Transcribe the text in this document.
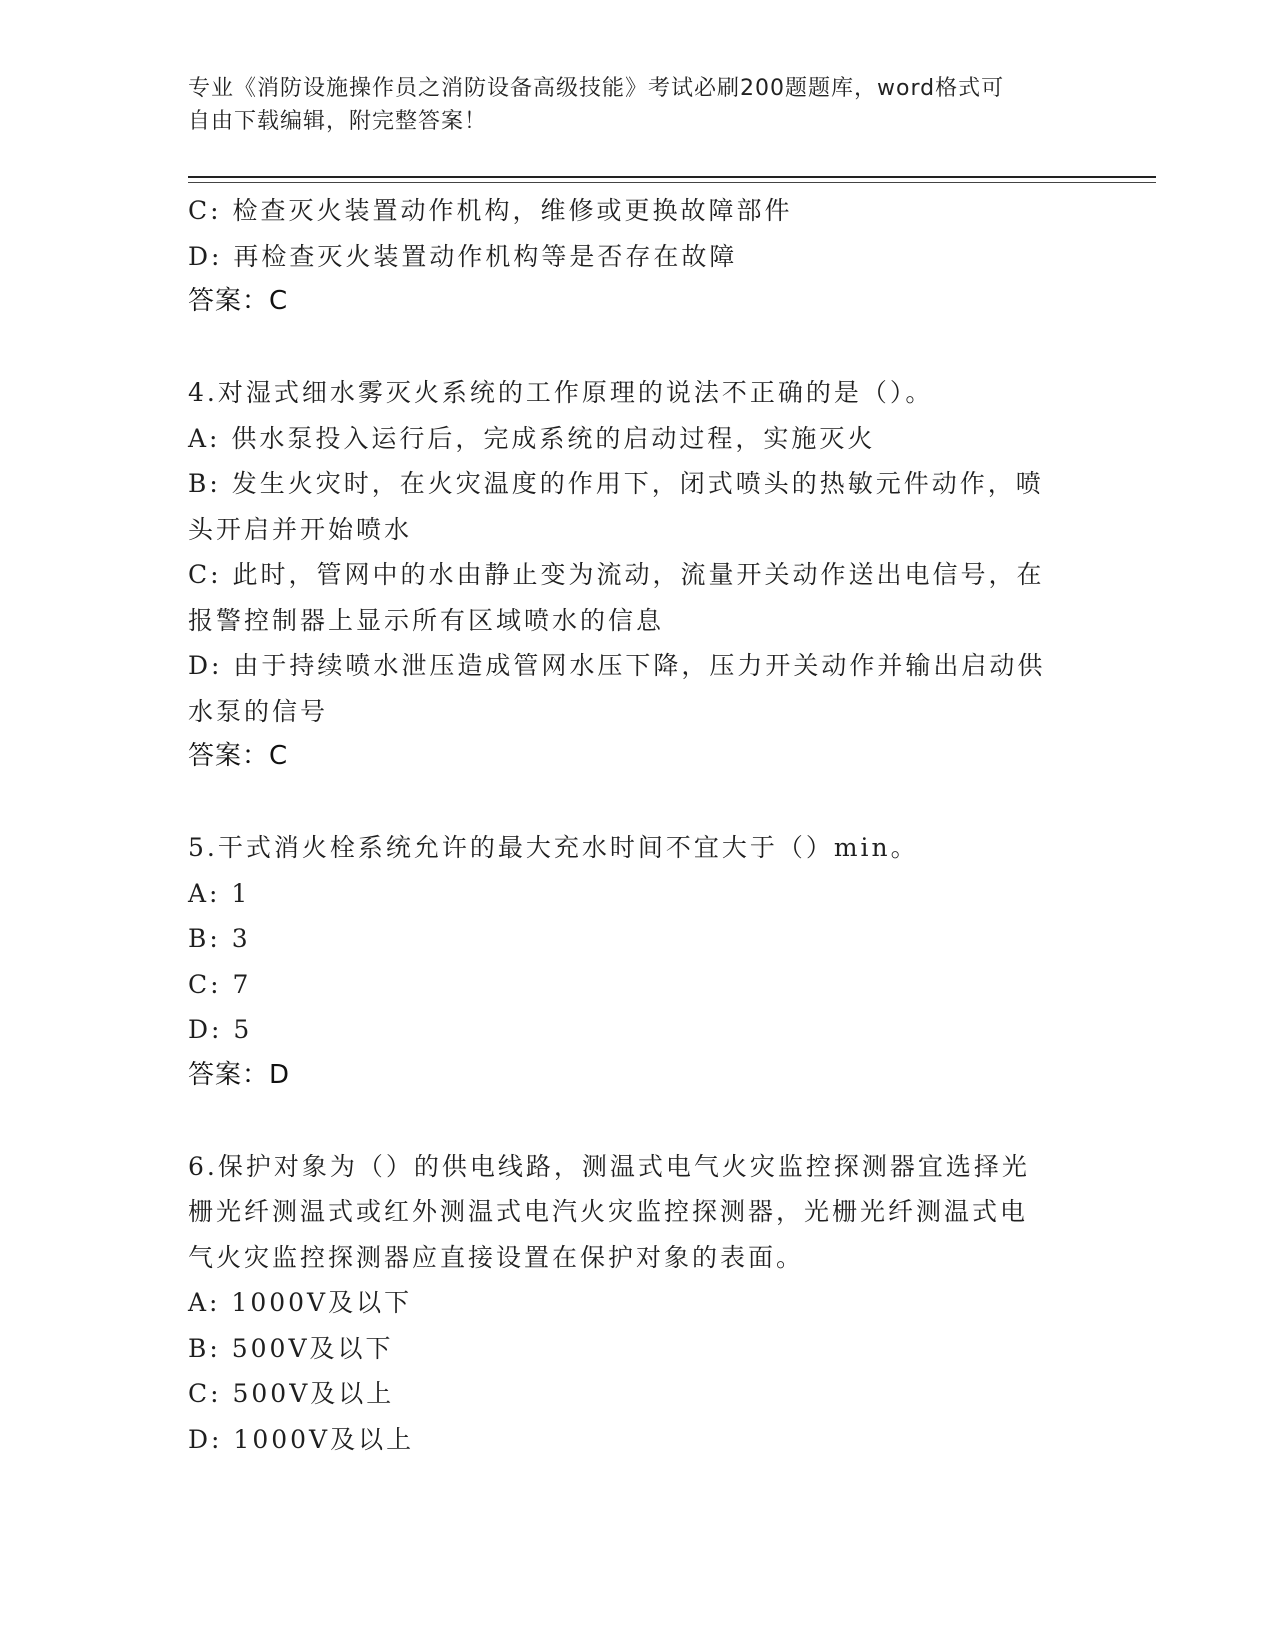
专业《消防设施操作员之消防设备高级技能》考试必刷200题题库，word格式可
自由下载编辑，附完整答案！
C: 检查灭火装置动作机构，维修或更换故障部件
D: 再检查灭火装置动作机构等是否存在故障
答案：C
4.对湿式细水雾灭火系统的工作原理的说法不正确的是（）。
A: 供水泵投入运行后，完成系统的启动过程，实施灭火
B: 发生火灾时，在火灾温度的作用下，闭式喷头的热敏元件动作，喷
头开启并开始喷水
C: 此时，管网中的水由静止变为流动，流量开关动作送出电信号，在
报警控制器上显示所有区域喷水的信息
D: 由于持续喷水泄压造成管网水压下降，压力开关动作并输出启动供
水泵的信号
答案：C
5.干式消火栓系统允许的最大充水时间不宜大于（）min。
A: 1
B: 3
C: 7
D: 5
答案：D
6.保护对象为（）的供电线路，测温式电气火灾监控探测器宜选择光
栅光纤测温式或红外测温式电汽火灾监控探测器，光栅光纤测温式电
气火灾监控探测器应直接设置在保护对象的表面。
A: 1000V及以下
B: 500V及以下
C: 500V及以上
D: 1000V及以上
